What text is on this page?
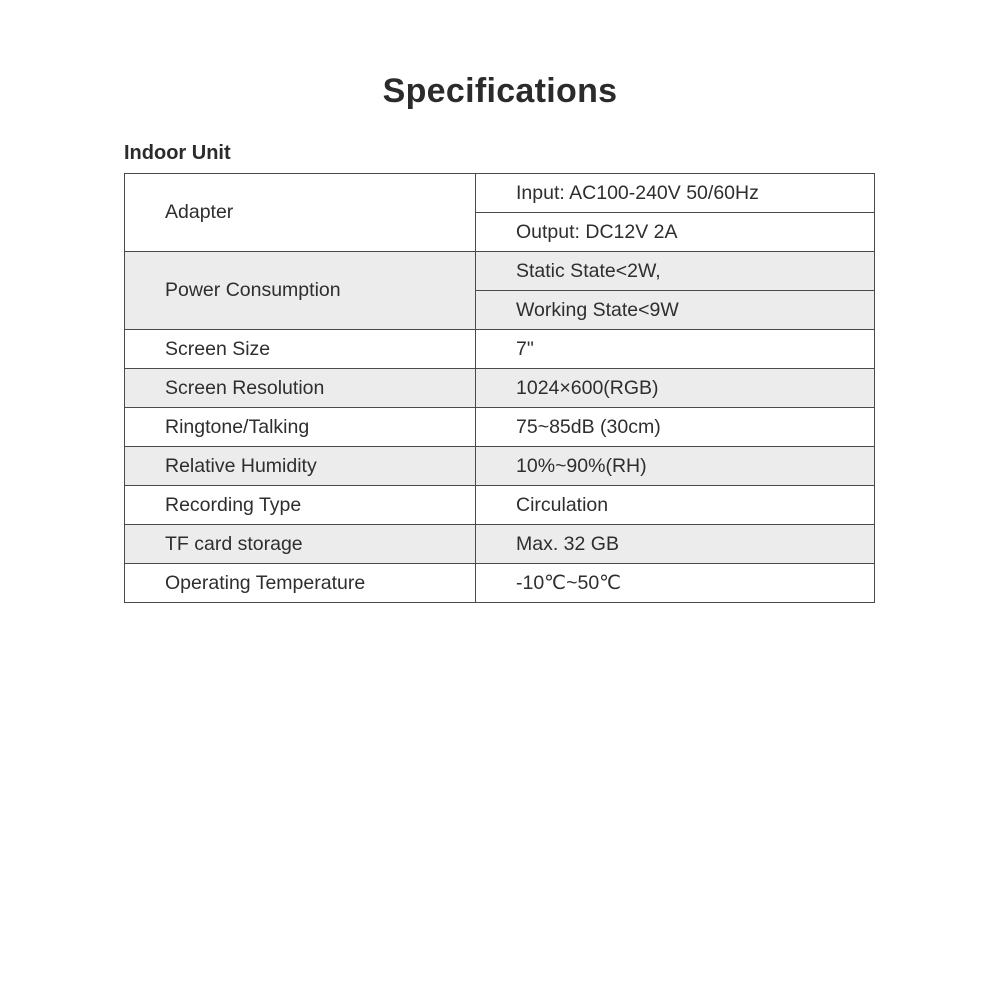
Specifications
Indoor Unit
Adapter	Input: AC100-240V 50/60Hz
	Output: DC12V 2A
Power Consumption	Static State<2W,
	Working State<9W
Screen Size	7"
Screen Resolution	1024×600(RGB)
Ringtone/Talking	75~85dB (30cm)
Relative Humidity	10%~90%(RH)
Recording Type	Circulation
TF card storage	Max. 32 GB
Operating Temperature	-10℃~50℃
